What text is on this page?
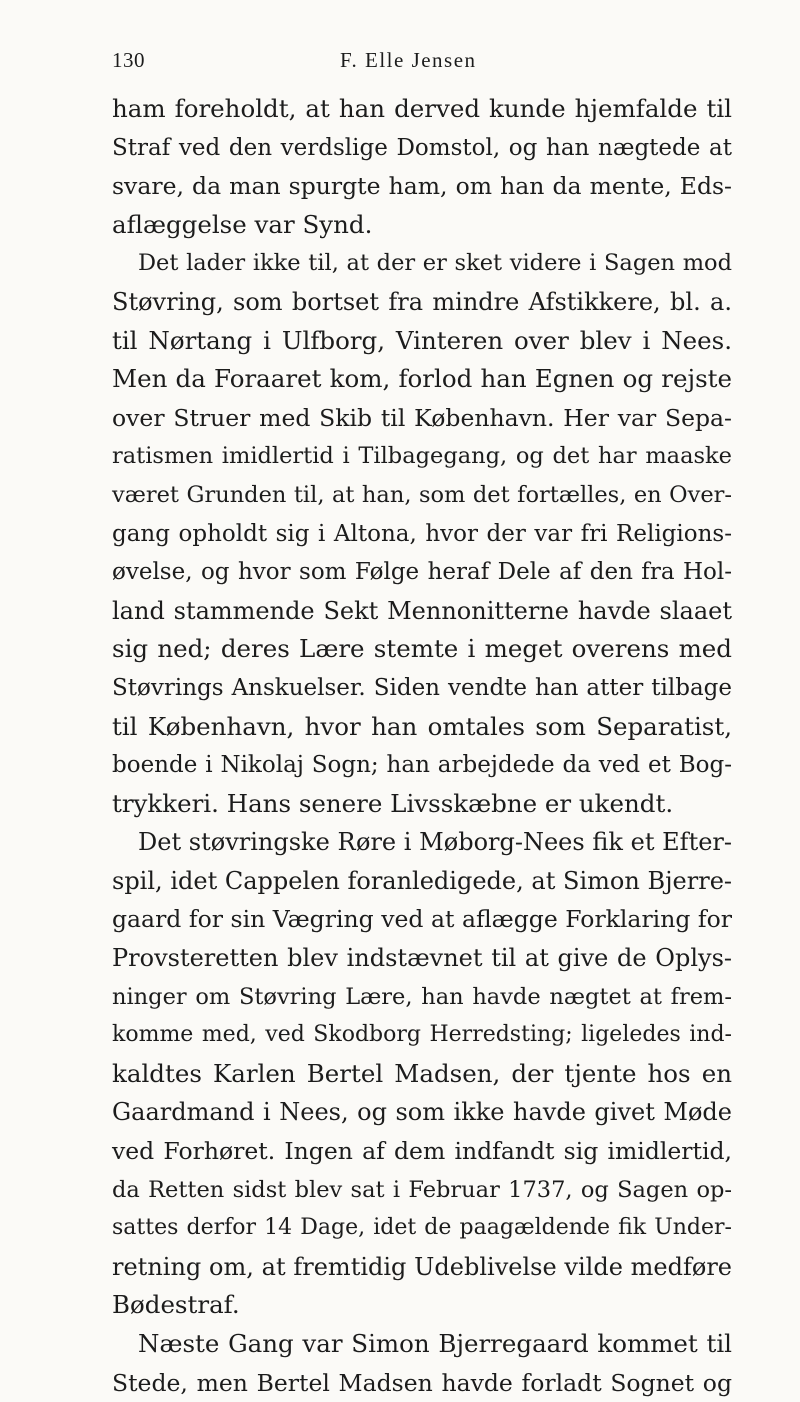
130	F. Elle Jensen
ham foreholdt, at han derved kunde hjemfalde til
Straf ved den verdslige Domstol, og han nægtede at
svare, da man spurgte ham, om han da mente, Eds-
aflæggelse var Synd.
Det lader ikke til, at der er sket videre i Sagen mod
Støvring, som bortset fra mindre Afstikkere, bl. a.
til Nørtang i Ulfborg, Vinteren over blev i Nees.
Men da Foraaret kom, forlod han Egnen og rejste
over Struer med Skib til København. Her var Sepa-
ratismen imidlertid i Tilbagegang, og det har maaske
været Grunden til, at han, som det fortælles, en Over-
gang opholdt sig i Altona, hvor der var fri Religions-
øvelse, og hvor som Følge heraf Dele af den fra Hol-
land stammende Sekt Mennonitterne havde slaaet
sig ned; deres Lære stemte i meget overens med
Støvrings Anskuelser. Siden vendte han atter tilbage
til København, hvor han omtales som Separatist,
boende i Nikolaj Sogn; han arbejdede da ved et Bog-
trykkeri. Hans senere Livsskæbne er ukendt.
Det støvringske Røre i Møborg-Nees fik et Efter-
spil, idet Cappelen foranledigede, at Simon Bjerre-
gaard for sin Vægring ved at aflægge Forklaring for
Provsteretten blev indstævnet til at give de Oplys-
ninger om Støvring Lære, han havde nægtet at frem-
komme med, ved Skodborg Herredsting; ligeledes ind-
kaldtes Karlen Bertel Madsen, der tjente hos en
Gaardmand i Nees, og som ikke havde givet Møde
ved Forhøret. Ingen af dem indfandt sig imidlertid,
da Retten sidst blev sat i Februar 1737, og Sagen op-
sattes derfor 14 Dage, idet de paagældende fik Under-
retning om, at fremtidig Udeblivelse vilde medføre
Bødestraf.
Næste Gang var Simon Bjerregaard kommet til
Stede, men Bertel Madsen havde forladt Sognet og
